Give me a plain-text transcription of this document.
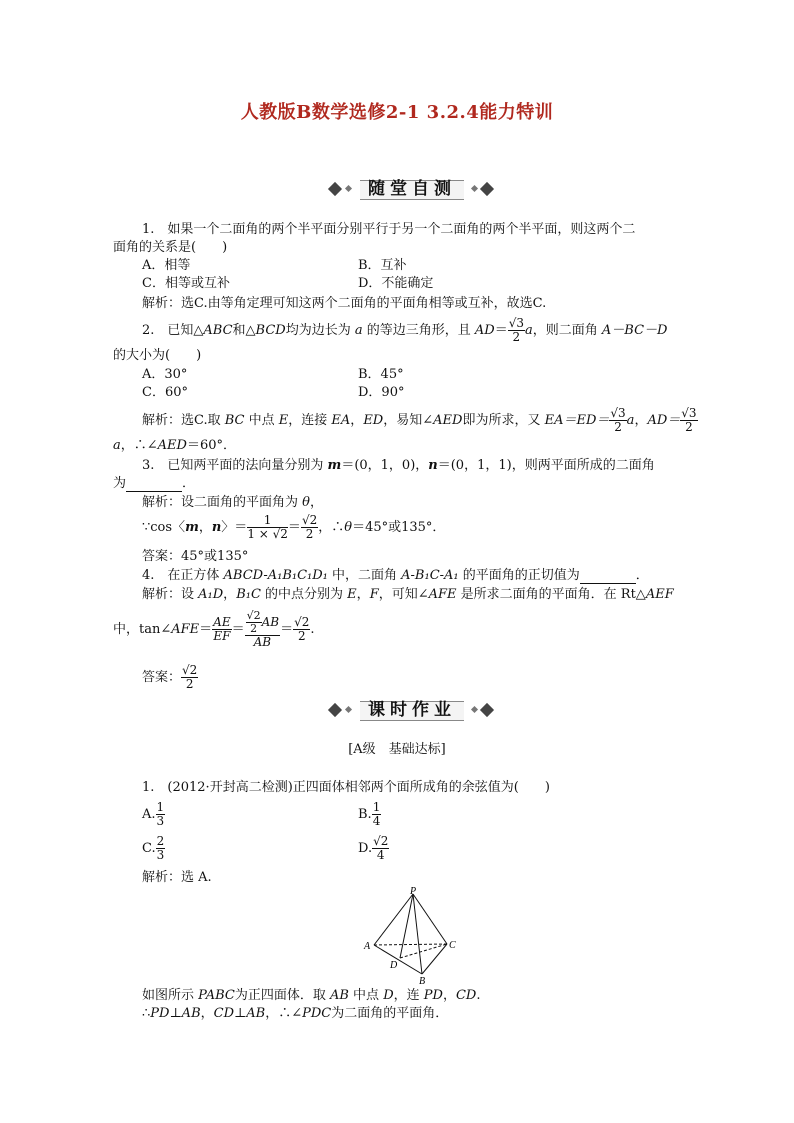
人教版B数学选修2-1 3.2.4能力特训
随堂自测
1.　如果一个二面角的两个半平面分别平行于另一个二面角的两个半平面，则这两个二
面角的关系是(　　)
A．相等	B．互补
C．相等或互补	D．不能确定
解析：选C.由等角定理可知这两个二面角的平面角相等或互补，故选C.
2.　已知△ABC和△BCD均为边长为 a 的等边三角形，且 $AD= \frac{√3}{2}$ a，则二面角 A－BC－D
的大小为(　　)
A．30°	B．45°
C．60°	D．90°
解析：选C.取 BC 中点 E，连接 EA，ED，易知∠AED即为所求，又 $EA=ED= \frac{√3}{2}$ a，$AD= \frac{√3}{2}$
a，∴∠AED＝60°．
3.　已知两平面的法向量分别为 m＝(0，1，0)，n＝(0，1，1)，则两平面所成的二面角
为	．
解析：设二面角的平面角为 θ，
∵cos〈m，n〉＝ $\frac{1}{1 \times √2} = \frac{√2}{2}$ ，∴θ＝45°或135°．
答案：45°或135°
4.　在正方体 ABCD-A₁B₁C₁D₁ 中，二面角 A-B₁C-A₁ 的平面角的正切值为	．
解析：设 A₁D，B₁C 的中点分别为 E，F，可知∠AFE 是所求二面角的平面角．在 Rt△AEF
中，tan∠AFE＝ $\frac{AE}{EF} = \frac{\frac{√2}{2} AB}{AB} = \frac{√2}{2}$ .
答案： $\frac{√2}{2}$
课时作业
[A级　基础达标]
1.　(2012·开封高二检测)正四面体相邻两个面所成角的余弦值为(　　)
A. $\frac{1}{3}$	B. $\frac{1}{4}$
C. $\frac{2}{3}$	D. $\frac{√2}{4}$
解析：选 A.
P
A	C
B
D
如图所示 PABC为正四面体．取 AB 中点 D，连 PD，CD.
∴PD⊥AB，CD⊥AB，∴∠PDC为二面角的平面角．
